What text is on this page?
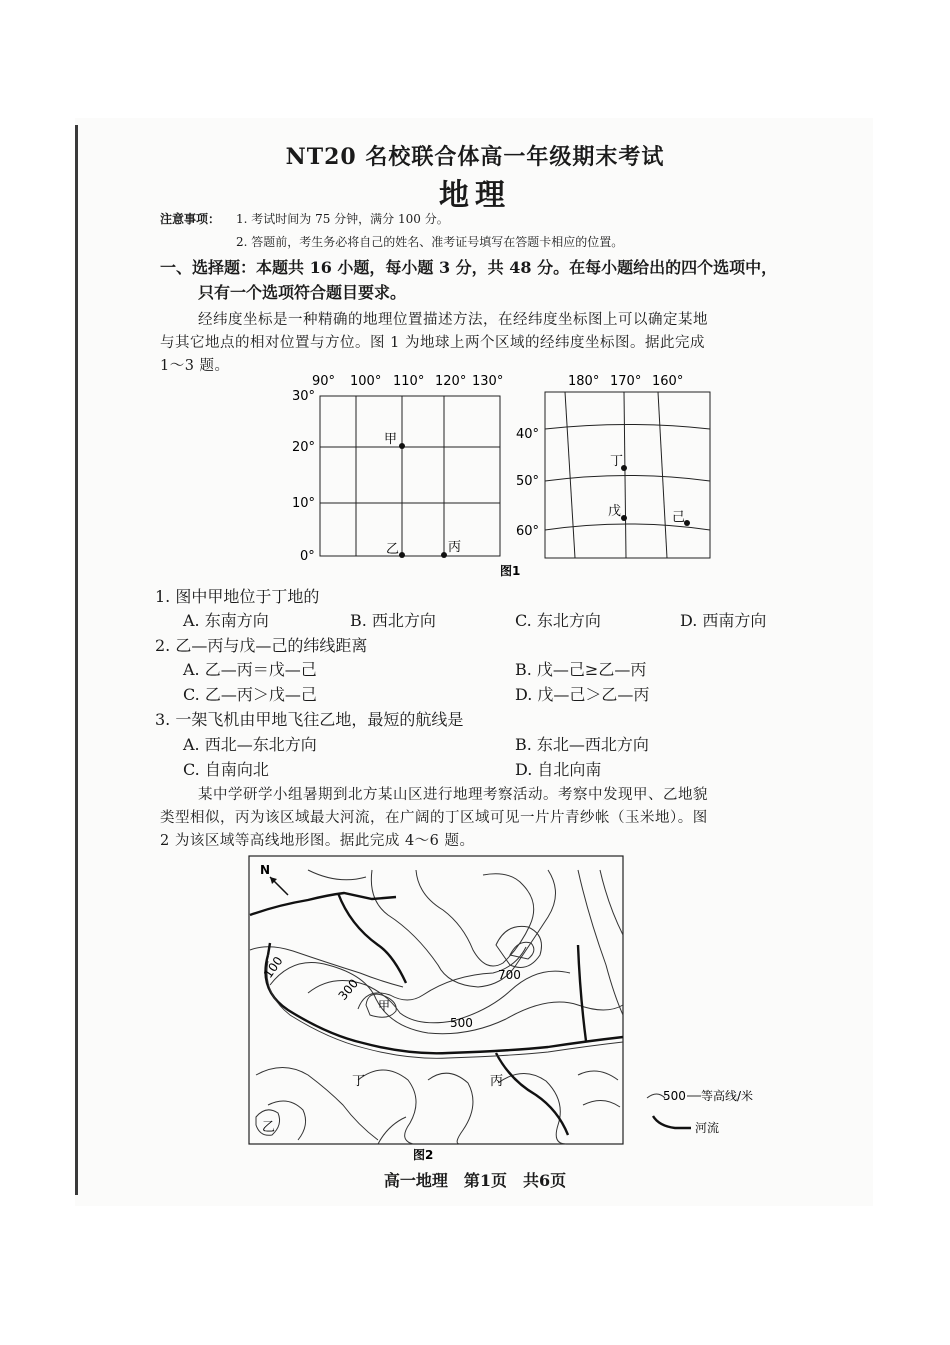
NT20 名校联合体高一年级期末考试
地理
注意事项： 1. 考试时间为 75 分钟，满分 100 分。
2. 答题前，考生务必将自己的姓名、准考证号填写在答题卡相应的位置。
一、选择题：本题共 16 小题，每小题 3 分，共 48 分。在每小题给出的四个选项中，
只有一个选项符合题目要求。
经纬度坐标是一种精确的地理位置描述方法，在经纬度坐标图上可以确定某地
与其它地点的相对位置与方位。图 1 为地球上两个区域的经纬度坐标图。据此完成
1～3 题。
90° 100° 110° 120° 130°
30°
20°
10°
0°
甲
乙	丙
180° 170° 160°
40°
50°
60°
丁
戊	己
图1
1. 图中甲地位于丁地的
A. 东南方向	B. 西北方向	C. 东北方向	D. 西南方向
2. 乙—丙与戊—己的纬线距离
A. 乙—丙＝戊—己	B. 戊—己≥乙—丙
C. 乙—丙＞戊—己	D. 戊—己＞乙—丙
3. 一架飞机由甲地飞往乙地，最短的航线是
A. 西北—东北方向	B. 东北—西北方向
C. 自南向北	D. 自北向南
某中学研学小组暑期到北方某山区进行地理考察活动。考察中发现甲、乙地貌
类型相似，丙为该区域最大河流，在广阔的丁区域可见一片片青纱帐（玉米地）。图
2 为该区域等高线地形图。据此完成 4～6 题。
N
100
300
500
700
甲
乙
丙
丁
图2
500 等高线/米
河流
高一地理　第1页　共6页
